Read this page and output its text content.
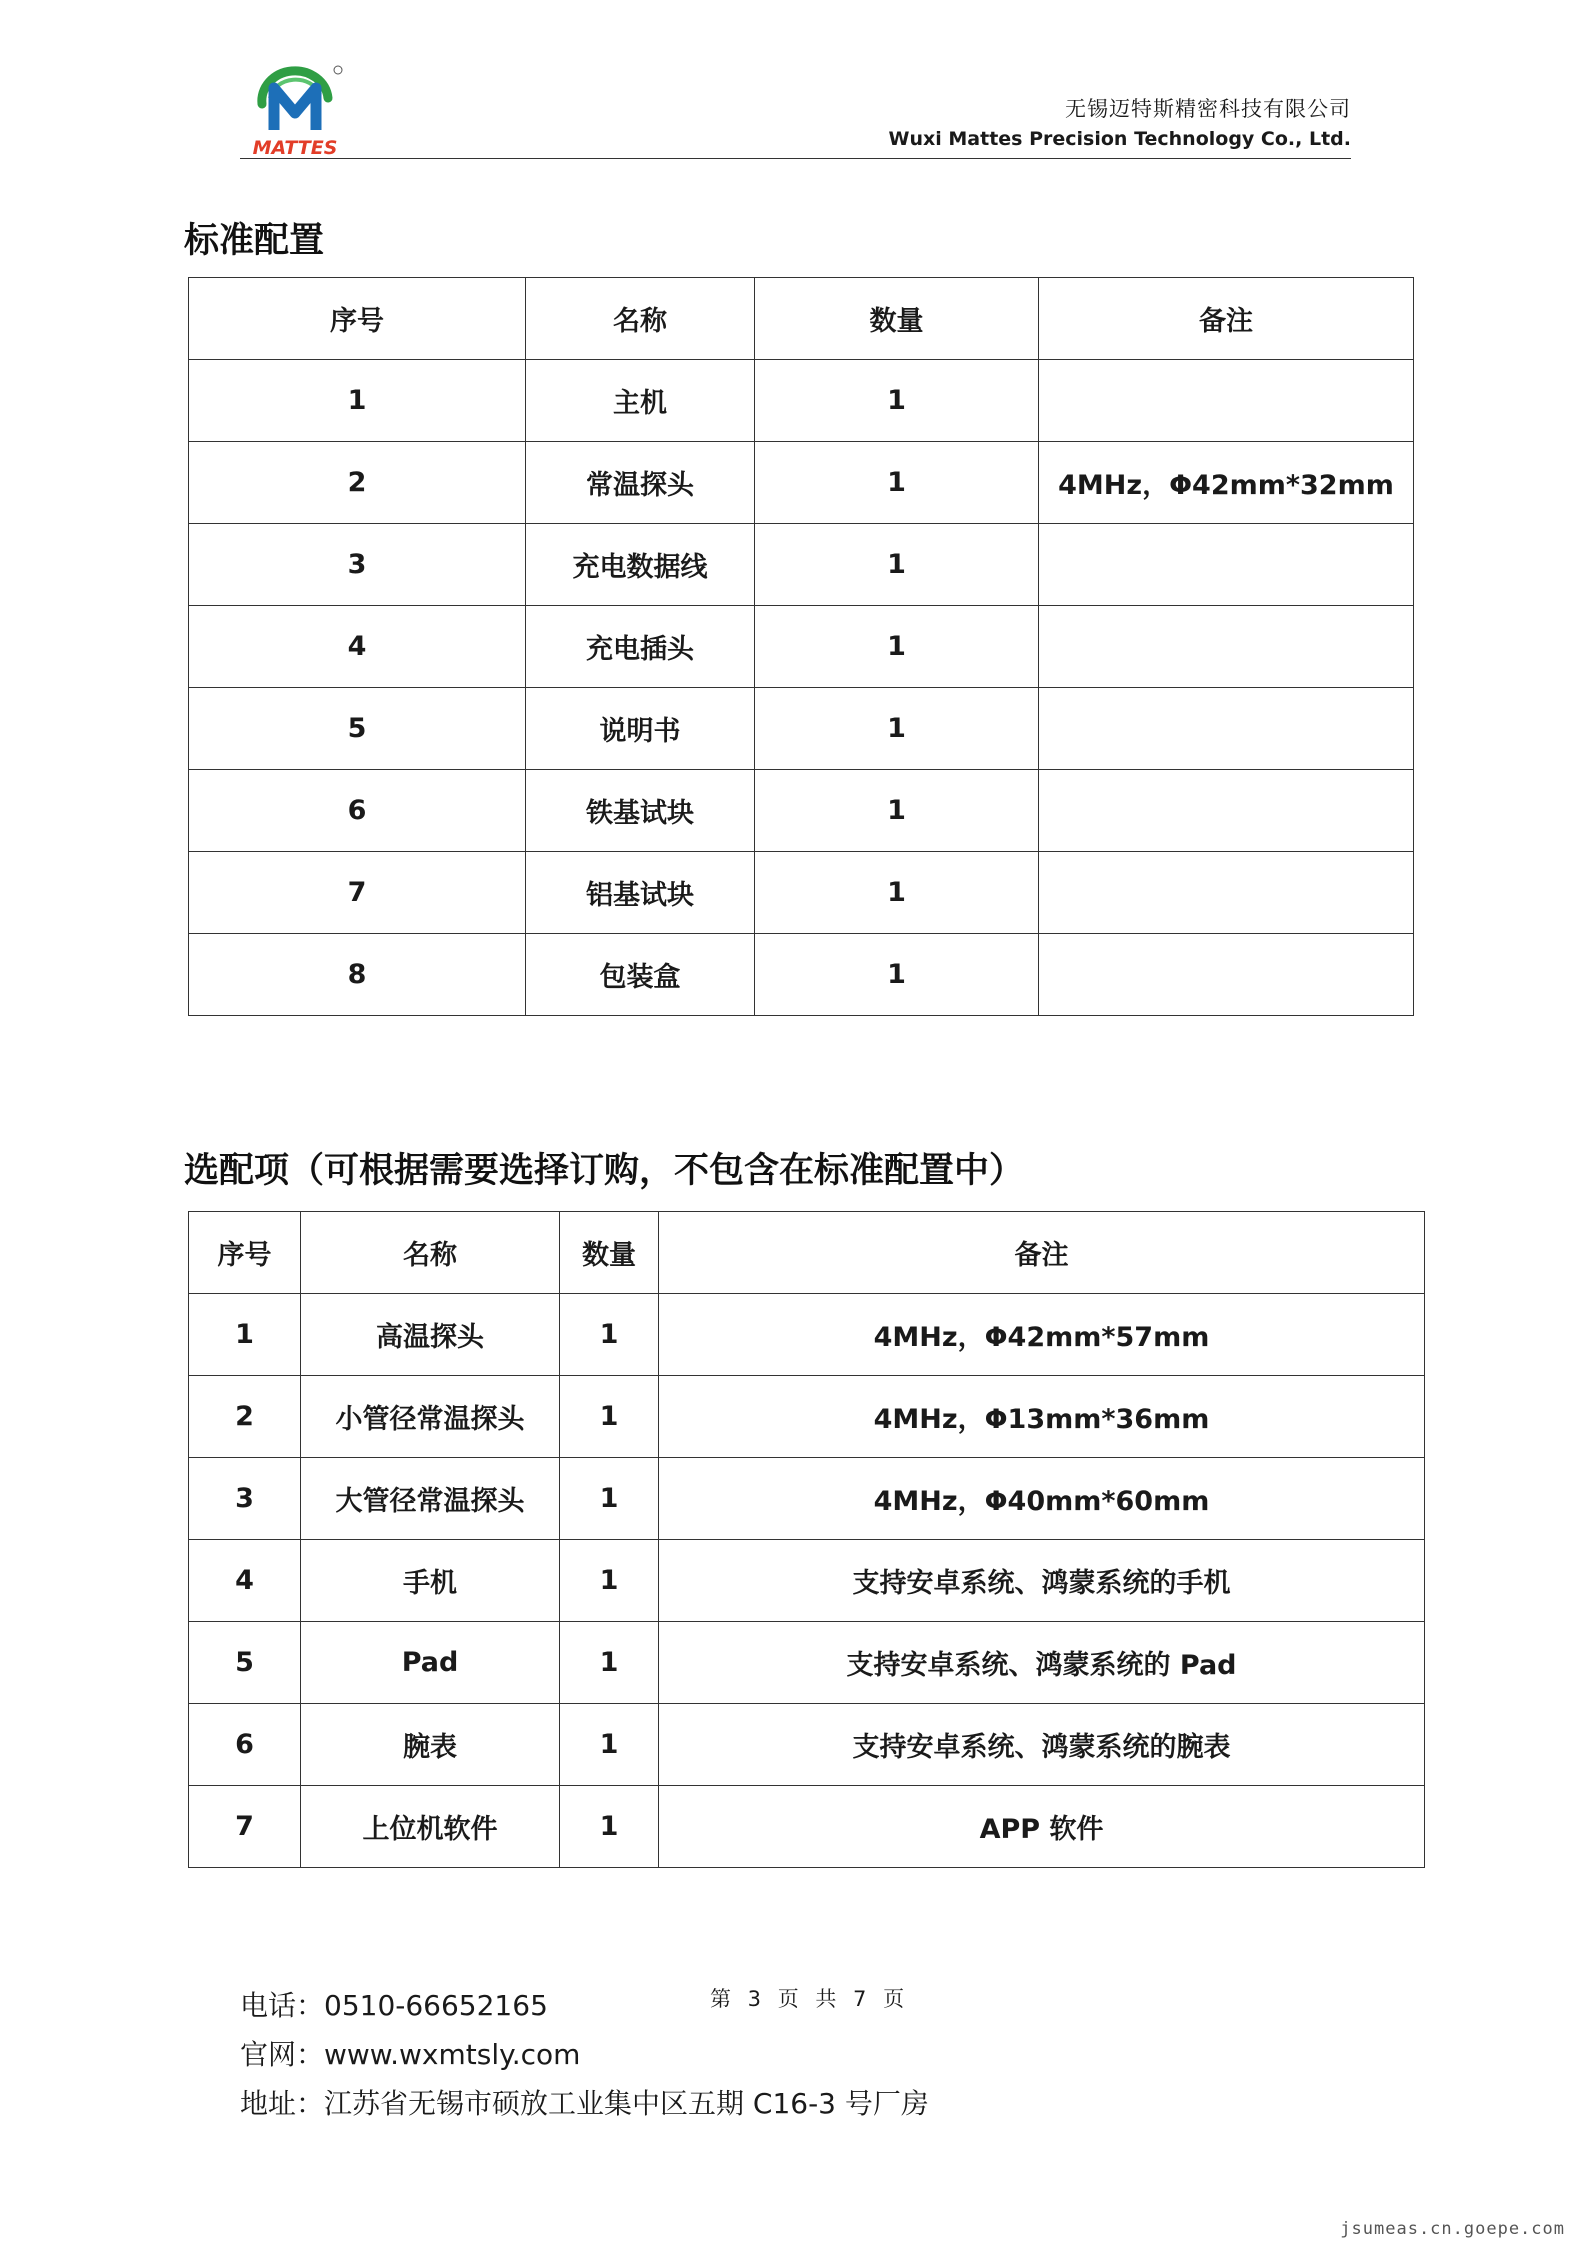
MATTES
无锡迈特斯精密科技有限公司
Wuxi Mattes Precision Technology Co., Ltd.
标准配置
序号	名称	数量	备注
1	主机	1	
2	常温探头	1	4MHz，Φ42mm*32mm
3	充电数据线	1	
4	充电插头	1	
5	说明书	1	
6	铁基试块	1	
7	铝基试块	1	
8	包装盒	1	
选配项（可根据需要选择订购，不包含在标准配置中）
序号	名称	数量	备注
1	高温探头	1	4MHz，Φ42mm*57mm
2	小管径常温探头	1	4MHz，Φ13mm*36mm
3	大管径常温探头	1	4MHz，Φ40mm*60mm
4	手机	1	支持安卓系统、鸿蒙系统的手机
5	Pad	1	支持安卓系统、鸿蒙系统的 Pad
6	腕表	1	支持安卓系统、鸿蒙系统的腕表
7	上位机软件	1	APP 软件
电话：0510-66652165
官网：www.wxmtsly.com
地址：江苏省无锡市硕放工业集中区五期 C16-3 号厂房
第 3 页 共 7 页
jsumeas.cn.goepe.com
